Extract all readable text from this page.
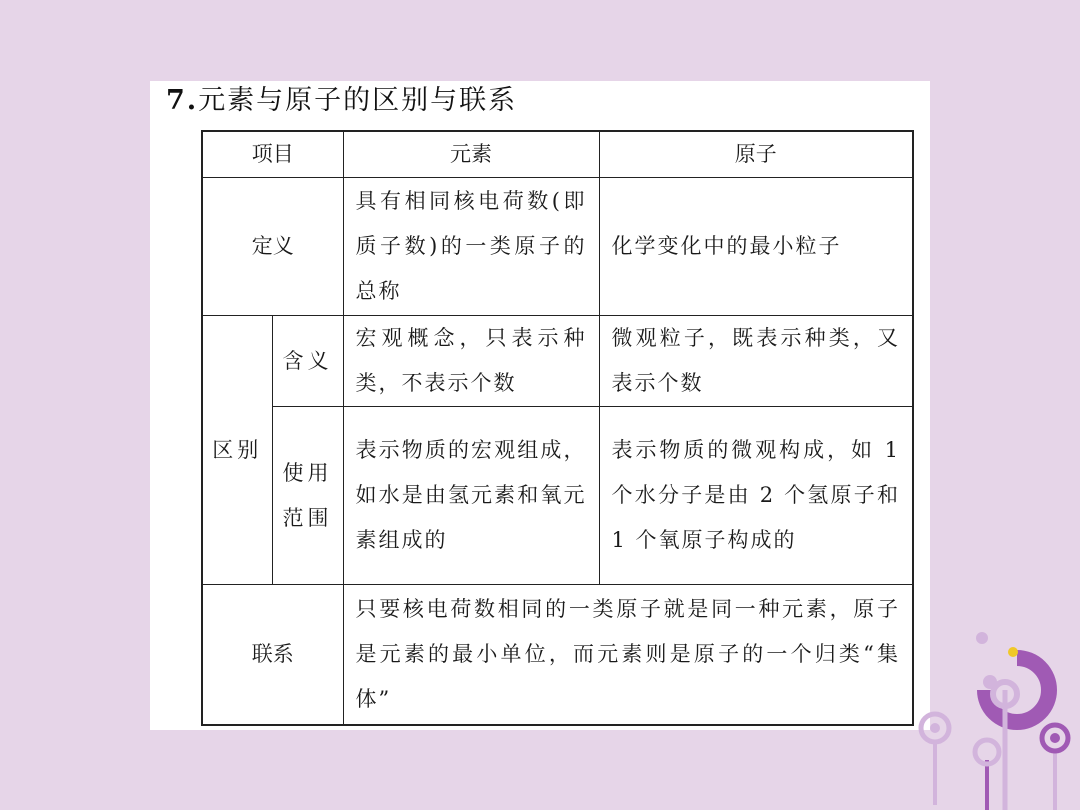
7.元素与原子的区别与联系
项目		元素	原子
定义		具有相同核电荷数(即质子数)的一类原子的总称	化学变化中的最小粒子
区别	含义	宏观概念，只表示种类，不表示个数	微观粒子，既表示种类，又表示个数
	使用范围	表示物质的宏观组成，如水是由氢元素和氧元素组成的	表示物质的微观构成，如 1 个水分子是由 2 个氢原子和 1 个氧原子构成的
联系		只要核电荷数相同的一类原子就是同一种元素，原子是元素的最小单位，而元素则是原子的一个归类“集体”	
